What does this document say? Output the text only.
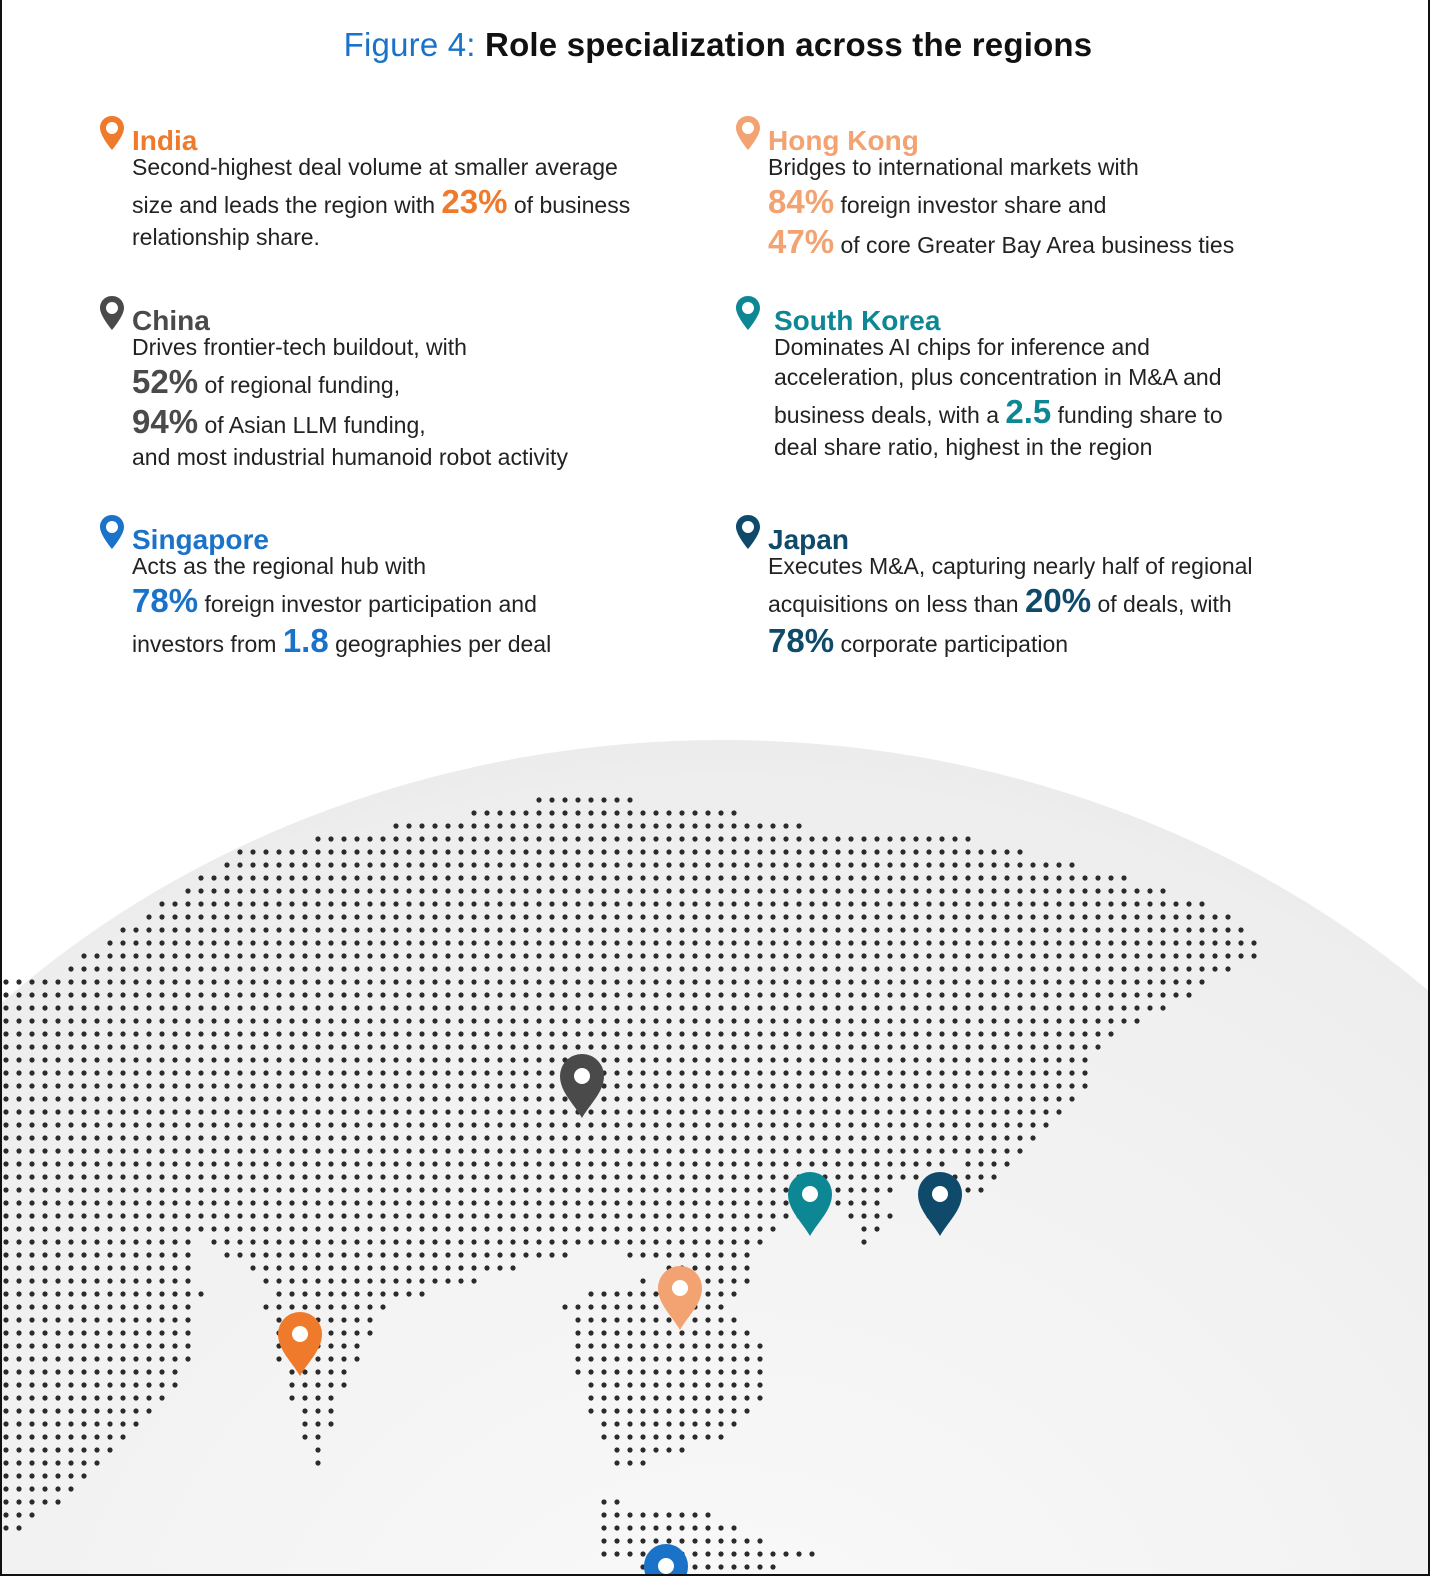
Figure 4: Role specialization across the regions
India
Second-highest deal volume at smaller average
size and leads the region with 23% of business
relationship share.
Hong Kong
Bridges to international markets with
84% foreign investor share and
47% of core Greater Bay Area business ties
China
Drives frontier-tech buildout, with
52% of regional funding,
94% of Asian LLM funding,
and most industrial humanoid robot activity
South Korea
Dominates AI chips for inference and
acceleration, plus concentration in M&A and
business deals, with a 2.5 funding share to
deal share ratio, highest in the region
Singapore
Acts as the regional hub with
78% foreign investor participation and
investors from 1.8 geographies per deal
Japan
Executes M&A, capturing nearly half of regional
acquisitions on less than 20% of deals, with
78% corporate participation
